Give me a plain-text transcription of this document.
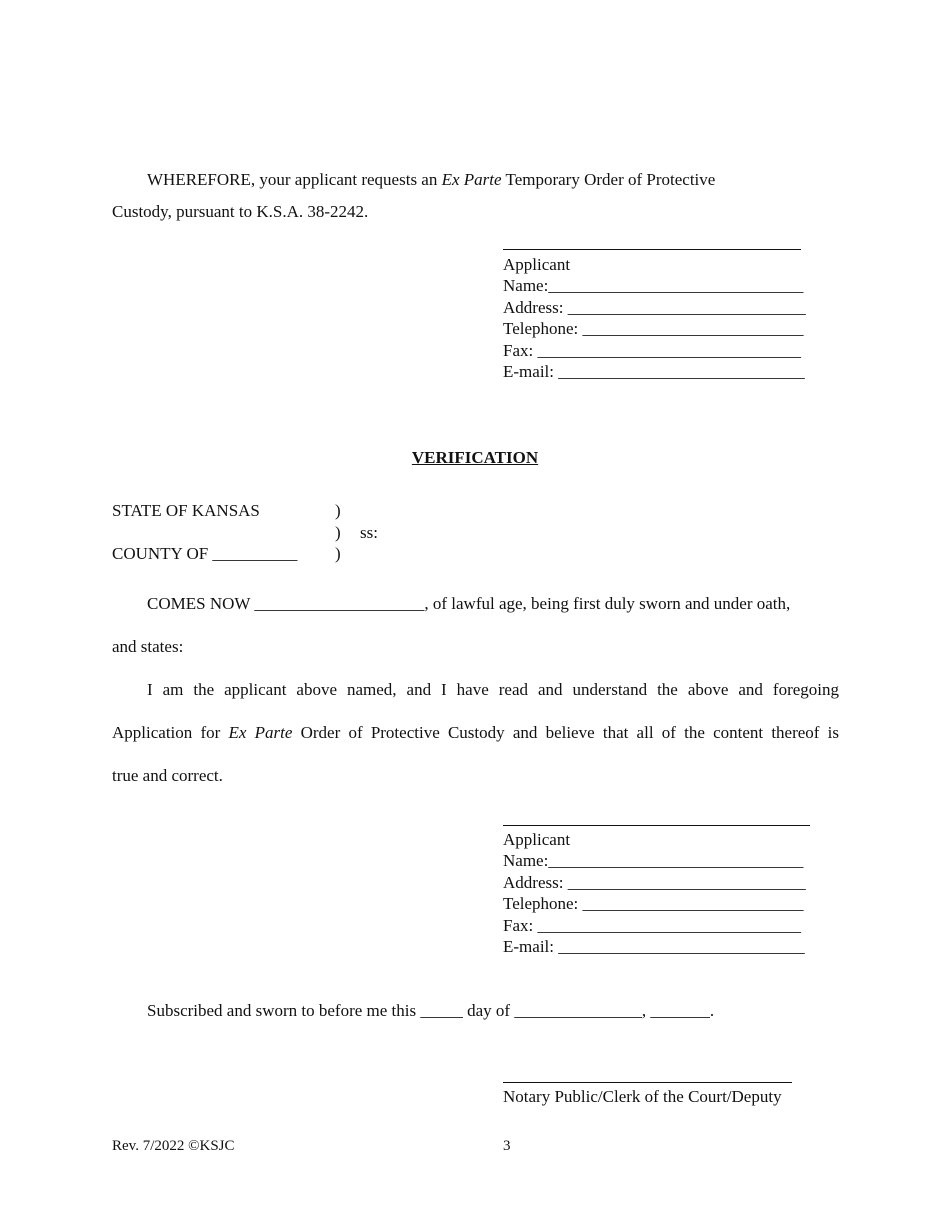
WHEREFORE, your applicant requests an Ex Parte Temporary Order of Protective
Custody, pursuant to K.S.A. 38-2242.
Applicant
Name:______________________________
Address: ____________________________
Telephone: __________________________
Fax: _______________________________
E-mail: _____________________________
VERIFICATION
STATE OF KANSAS	)
) ss:
COUNTY OF __________ )
COMES NOW ____________________, of lawful age, being first duly sworn and under oath,
and states:
I am the applicant above named, and I have read and understand the above and foregoing
Application for Ex Parte Order of Protective Custody and believe that all of the content thereof is
true and correct.
Applicant
Name:______________________________
Address: ____________________________
Telephone: __________________________
Fax: _______________________________
E-mail: _____________________________
Subscribed and sworn to before me this _____ day of _______________, _______.
Notary Public/Clerk of the Court/Deputy
Rev. 7/2022 ©KSJC	3
